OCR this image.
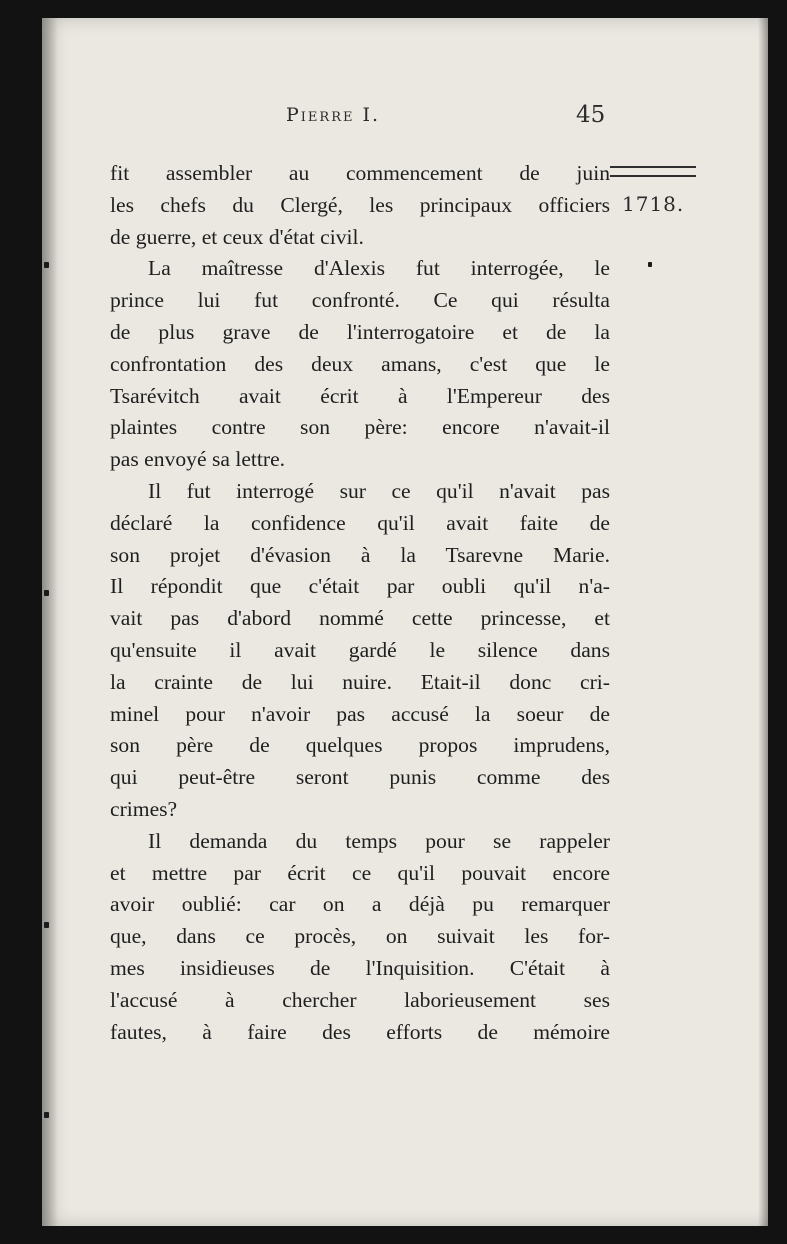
Pierre I.	45
1718.
fit assembler au commencement de juin
les chefs du Clergé, les principaux officiers
de guerre, et ceux d'état civil.
La maîtresse d'Alexis fut interrogée, le
prince lui fut confronté. Ce qui résulta
de plus grave de l'interrogatoire et de la
confrontation des deux amans, c'est que le
Tsarévitch avait écrit à l'Empereur des
plaintes contre son père: encore n'avait-il
pas envoyé sa lettre.
Il fut interrogé sur ce qu'il n'avait pas
déclaré la confidence qu'il avait faite de
son projet d'évasion à la Tsarevne Marie.
Il répondit que c'était par oubli qu'il n'a-
vait pas d'abord nommé cette princesse, et
qu'ensuite il avait gardé le silence dans
la crainte de lui nuire. Etait-il donc cri-
minel pour n'avoir pas accusé la soeur de
son père de quelques propos imprudens,
qui peut-être seront punis comme des
crimes?
Il demanda du temps pour se rappeler
et mettre par écrit ce qu'il pouvait encore
avoir oublié: car on a déjà pu remarquer
que, dans ce procès, on suivait les for-
mes insidieuses de l'Inquisition. C'était à
l'accusé à chercher laborieusement ses
fautes, à faire des efforts de mémoire
